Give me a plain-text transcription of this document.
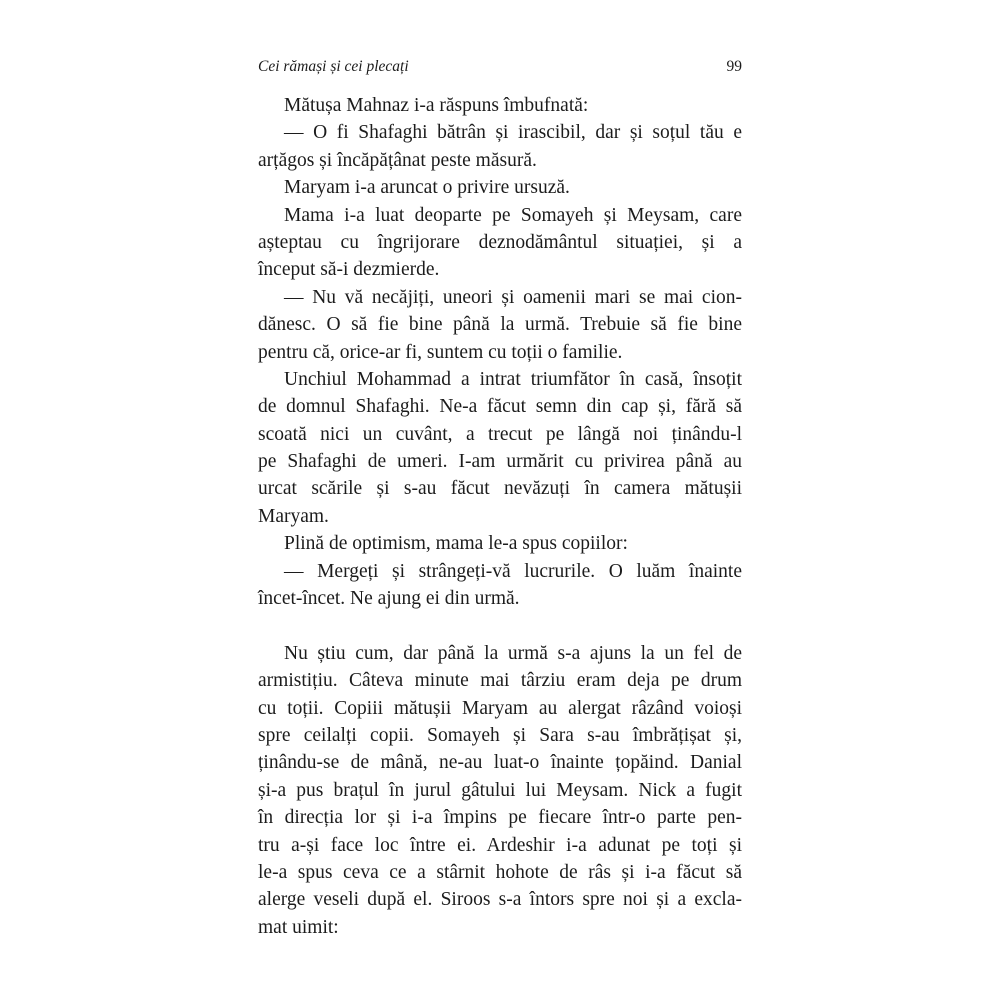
Cei rămași și cei plecați	99
Mătușa Mahnaz i-a răspuns îmbufnată:
— O fi Shafaghi bătrân și irascibil, dar și soțul tău e
arțăgos și încăpățânat peste măsură.
Maryam i-a aruncat o privire ursuză.
Mama i-a luat deoparte pe Somayeh și Meysam, care
așteptau cu îngrijorare deznodământul situației, și a
început să-i dezmierde.
— Nu vă necăjiți, uneori și oamenii mari se mai cion-
dănesc. O să fie bine până la urmă. Trebuie să fie bine
pentru că, orice-ar fi, suntem cu toții o familie.
Unchiul Mohammad a intrat triumfător în casă, însoțit
de domnul Shafaghi. Ne-a făcut semn din cap și, fără să
scoată nici un cuvânt, a trecut pe lângă noi ținându-l
pe Shafaghi de umeri. I-am urmărit cu privirea până au
urcat scările și s-au făcut nevăzuți în camera mătușii
Maryam.
Plină de optimism, mama le-a spus copiilor:
— Mergeți și strângeți-vă lucrurile. O luăm înainte
încet-încet. Ne ajung ei din urmă.
Nu știu cum, dar până la urmă s-a ajuns la un fel de
armistițiu. Câteva minute mai târziu eram deja pe drum
cu toții. Copiii mătușii Maryam au alergat râzând voioși
spre ceilalți copii. Somayeh și Sara s-au îmbrățișat și,
ținându-se de mână, ne-au luat-o înainte țopăind. Danial
și-a pus brațul în jurul gâtului lui Meysam. Nick a fugit
în direcția lor și i-a împins pe fiecare într-o parte pen-
tru a-și face loc între ei. Ardeshir i-a adunat pe toți și
le-a spus ceva ce a stârnit hohote de râs și i-a făcut să
alerge veseli după el. Siroos s-a întors spre noi și a excla-
mat uimit:
